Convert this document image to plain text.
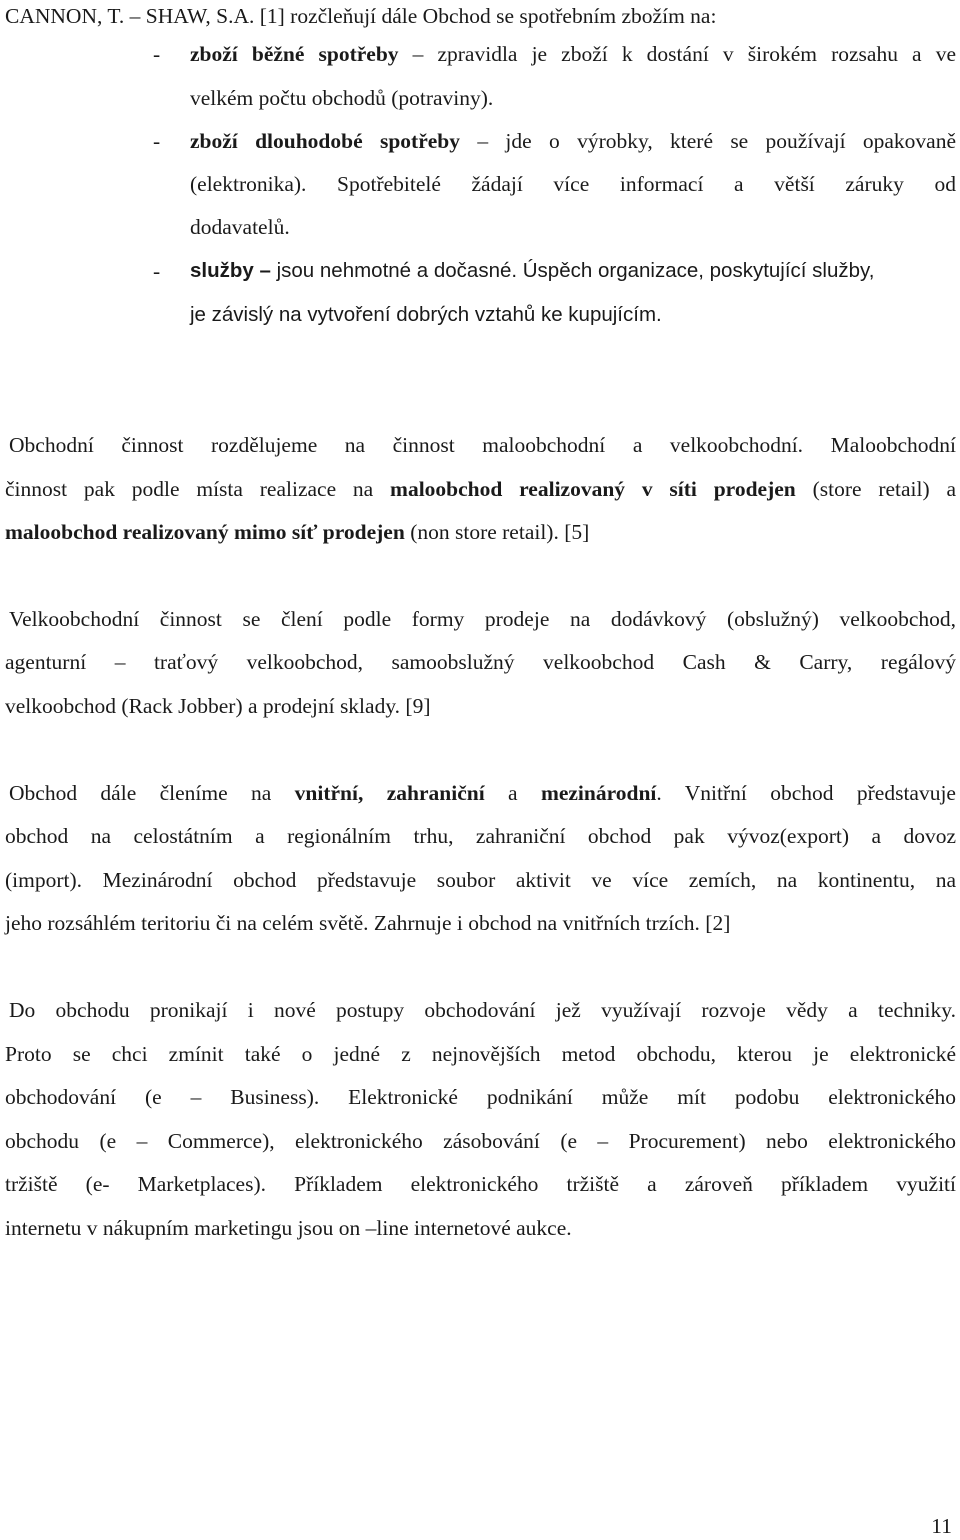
CANNON, T. – SHAW, S.A. [1] rozčleňují dále Obchod se spotřebním zbožím na:
- zboží běžné spotřeby – zpravidla je zboží k dostání v širokém rozsahu a ve
velkém počtu obchodů (potraviny).
- zboží dlouhodobé spotřeby – jde o výrobky, které se používají opakovaně
(elektronika). Spotřebitelé žádají více informací a větší záruky od
dodavatelů.
- služby – jsou nehmotné a dočasné. Úspěch organizace, poskytující služby,
je závislý na vytvoření dobrých vztahů ke kupujícím.
Obchodní činnost rozdělujeme na činnost maloobchodní a velkoobchodní. Maloobchodní
činnost pak podle místa realizace na maloobchod realizovaný v síti prodejen (store retail) a
maloobchod realizovaný mimo síť prodejen (non store retail). [5]
Velkoobchodní činnost se člení podle formy prodeje na dodávkový (obslužný) velkoobchod,
agenturní – traťový velkoobchod, samoobslužný velkoobchod Cash & Carry, regálový
velkoobchod (Rack Jobber) a prodejní sklady. [9]
Obchod dále členíme na vnitřní, zahraniční a mezinárodní. Vnitřní obchod představuje
obchod na celostátním a regionálním trhu, zahraniční obchod pak vývoz(export) a dovoz
(import). Mezinárodní obchod představuje soubor aktivit ve více zemích, na kontinentu, na
jeho rozsáhlém teritoriu či na celém světě. Zahrnuje i obchod na vnitřních trzích. [2]
Do obchodu pronikají i nové postupy obchodování jež využívají rozvoje vědy a techniky.
Proto se chci zmínit také o jedné z nejnovějších metod obchodu, kterou je elektronické
obchodování (e – Business). Elektronické podnikání může mít podobu elektronického
obchodu (e – Commerce), elektronického zásobování (e – Procurement) nebo elektronického
tržiště (e- Marketplaces). Příkladem elektronického tržiště a zároveň příkladem využití
internetu v nákupním marketingu jsou on –line internetové aukce.
11
